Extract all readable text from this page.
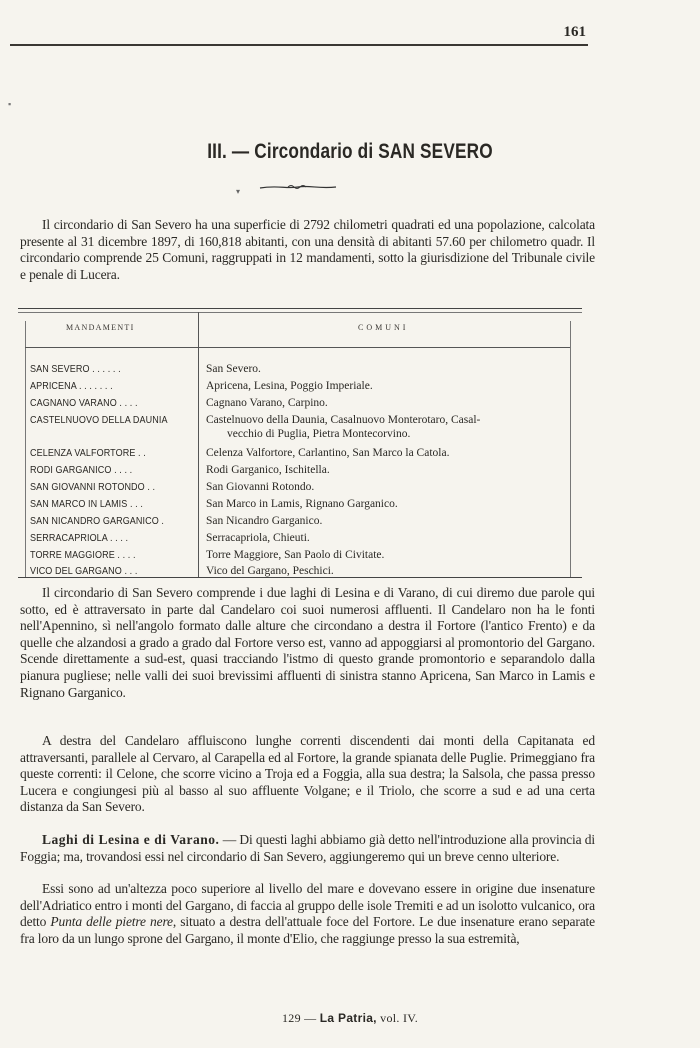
161
▪
III. — Circondario di SAN SEVERO
▾
Il circondario di San Severo ha una superficie di 2792 chilometri quadrati ed una popolazione, calcolata presente al 31 dicembre 1897, di 160,818 abitanti, con una densità di abitanti 57.60 per chilometro quadr. Il circondario comprende 25 Comuni, raggruppati in 12 mandamenti, sotto la giurisdizione del Tribunale civile e penale di Lucera.
MANDAMENTI	COMUNI
SAN SEVERO . . . . . .	San Severo.
APRICENA . . . . . . .	Apricena, Lesina, Poggio Imperiale.
CAGNANO VARANO . . . .	Cagnano Varano, Carpino.
CASTELNUOVO DELLA DAUNIA	Castelnuovo della Daunia, Casalnuovo Monterotaro, Casal-
vecchio di Puglia, Pietra Montecorvino.
CELENZA VALFORTORE . .	Celenza Valfortore, Carlantino, San Marco la Catola.
RODI GARGANICO . . . .	Rodi Garganico, Ischitella.
SAN GIOVANNI ROTONDO . .	San Giovanni Rotondo.
SAN MARCO IN LAMIS . . .	San Marco in Lamis, Rignano Garganico.
SAN NICANDRO GARGANICO .	San Nicandro Garganico.
SERRACAPRIOLA . . . .	Serracapriola, Chieuti.
TORRE MAGGIORE . . . .	Torre Maggiore, San Paolo di Civitate.
VICO DEL GARGANO . . .	Vico del Gargano, Peschici.
Il circondario di San Severo comprende i due laghi di Lesina e di Varano, di cui diremo due parole qui sotto, ed è attraversato in parte dal Candelaro coi suoi numerosi affluenti. Il Candelaro non ha le fonti nell'Apennino, sì nell'angolo formato dalle alture che circondano a destra il Fortore (l'antico Frento) e da quelle che alzandosi a grado a grado dal Fortore verso est, vanno ad appoggiarsi al promontorio del Gargano. Scende direttamente a sud-est, quasi tracciando l'istmo di questo grande promontorio e separandolo dalla pianura pugliese; nelle valli dei suoi brevissimi affluenti di sinistra stanno Apricena, San Marco in Lamis e Rignano Garganico.
A destra del Candelaro affluiscono lunghe correnti discendenti dai monti della Capitanata ed attraversanti, parallele al Cervaro, al Carapella ed al Fortore, la grande spianata delle Puglie. Primeggiano fra queste correnti: il Celone, che scorre vicino a Troja ed a Foggia, alla sua destra; la Salsola, che passa presso Lucera e congiungesi più al basso al suo affluente Volgane; e il Triolo, che scorre a sud e ad una certa distanza da San Severo.
Laghi di Lesina e di Varano. — Di questi laghi abbiamo già detto nell'introduzione alla provincia di Foggia; ma, trovandosi essi nel circondario di San Severo, aggiungeremo qui un breve cenno ulteriore.
Essi sono ad un'altezza poco superiore al livello del mare e dovevano essere in origine due insenature dell'Adriatico entro i monti del Gargano, di faccia al gruppo delle isole Tremiti e ad un isolotto vulcanico, ora detto Punta delle pietre nere, situato a destra dell'attuale foce del Fortore. Le due insenature erano separate fra loro da un lungo sprone del Gargano, il monte d'Elio, che raggiunge presso la sua estremità,
129 — La Patria, vol. IV.
